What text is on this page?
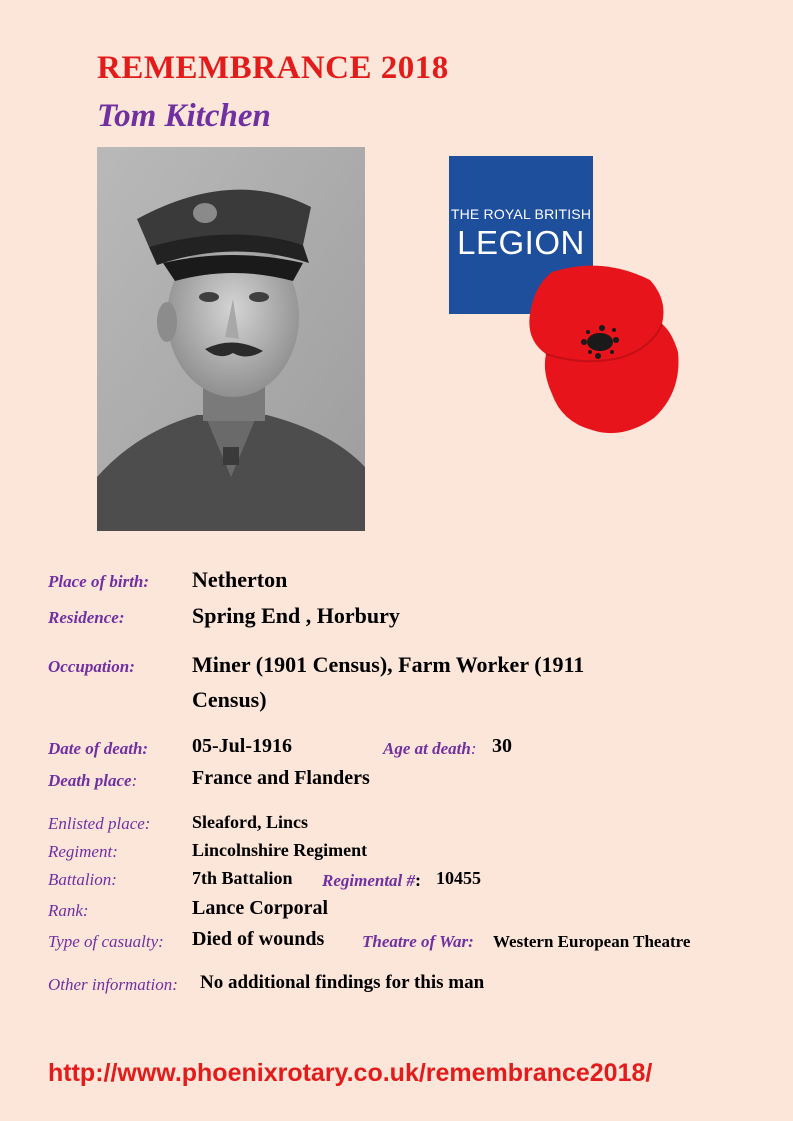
REMEMBRANCE 2018
Tom Kitchen
THE ROYAL BRITISH
LEGION
Place of birth: Netherton
Residence:	Spring End , Horbury
Occupation:	Miner (1901 Census), Farm Worker (1911
Census)
Date of death: 05-Jul-1916	Age at death: 30
Death place:	France and Flanders
Enlisted place: Sleaford, Lincs
Regiment:	Lincolnshire Regiment
Battalion:	7th Battalion Regimental #: 10455
Rank:	Lance Corporal
Type of casualty: Died of wounds Theatre of War: Western European Theatre
Other information: No additional findings for this man
http://www.phoenixrotary.co.uk/remembrance2018/
